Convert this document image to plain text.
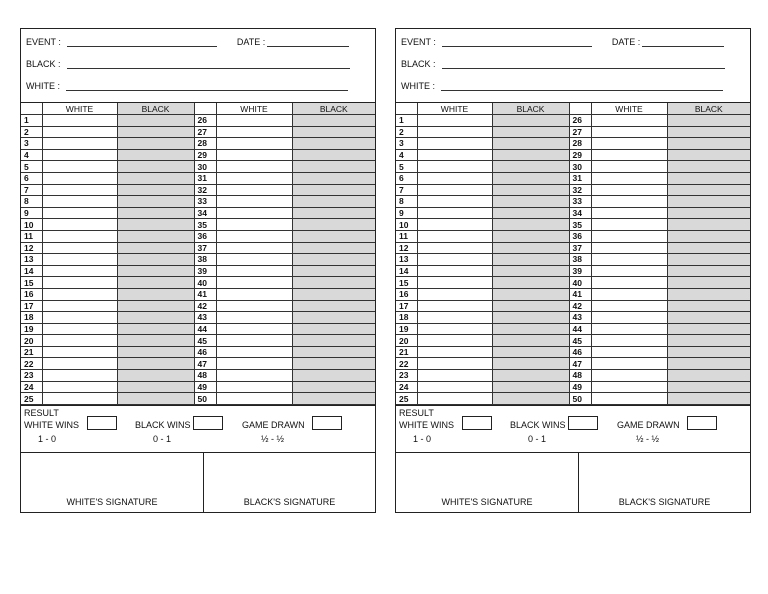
EVENT :	DATE :
BLACK :
WHITE :
	WHITE	BLACK		WHITE	BLACK
1			26		
2			27		
3			28		
4			29		
5			30		
6			31		
7			32		
8			33		
9			34		
10			35		
11			36		
12			37		
13			38		
14			39		
15			40		
16			41		
17			42		
18			43		
19			44		
20			45		
21			46		
22			47		
23			48		
24			49		
25			50		
RESULT
WHITE WINS
1 - 0
BLACK WINS
0 - 1
GAME DRAWN
½ - ½
WHITE'S SIGNATURE	BLACK'S SIGNATURE
EVENT :	DATE :
BLACK :
WHITE :
	WHITE	BLACK		WHITE	BLACK
1			26		
2			27		
3			28		
4			29		
5			30		
6			31		
7			32		
8			33		
9			34		
10			35		
11			36		
12			37		
13			38		
14			39		
15			40		
16			41		
17			42		
18			43		
19			44		
20			45		
21			46		
22			47		
23			48		
24			49		
25			50		
RESULT
WHITE WINS
1 - 0
BLACK WINS
0 - 1
GAME DRAWN
½ - ½
WHITE'S SIGNATURE	BLACK'S SIGNATURE
